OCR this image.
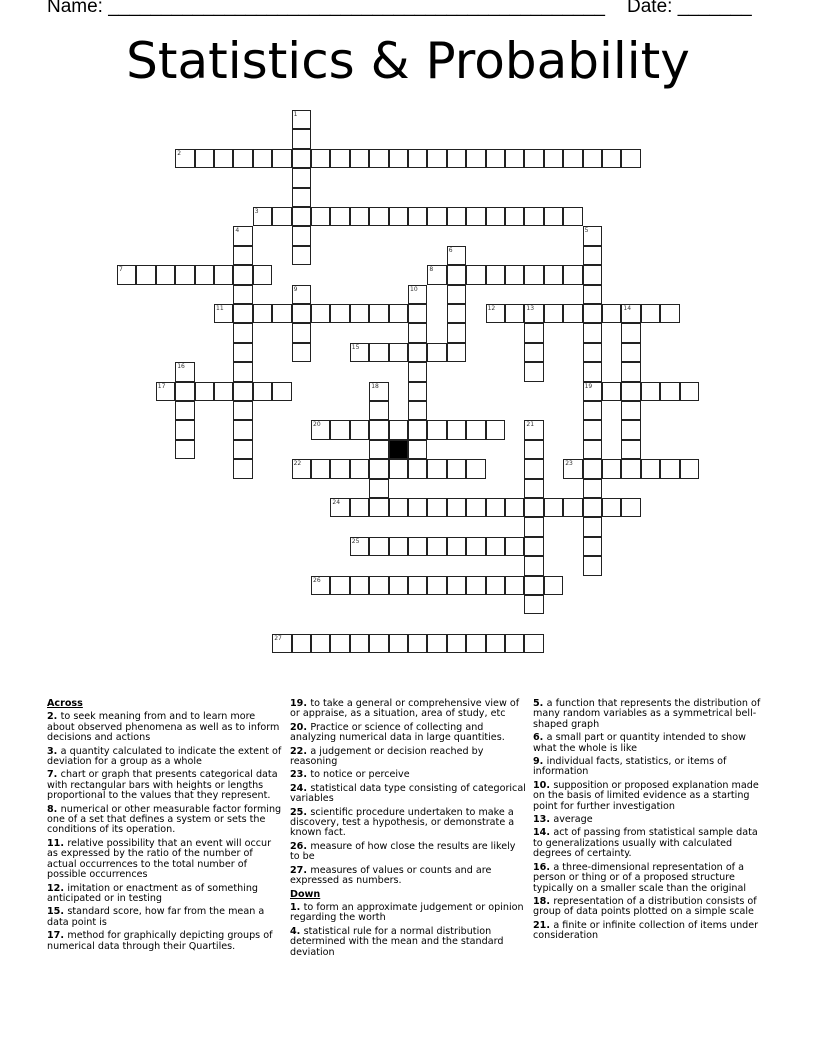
Name: _______________________________________________ Date: _______
Statistics & Probability
1
2
3
4	5
19
6
7	8
9	10
11	12	13	14
15
16
17	18
20	21
22	23
24
25
26
27
Across
2. to seek meaning from and to learn more about observed phenomena as well as to inform decisions and actions
3. a quantity calculated to indicate the extent of deviation for a group as a whole
7. chart or graph that presents categorical data with rectangular bars with heights or lengths proportional to the values that they represent.
8. numerical or other measurable factor forming one of a set that defines a system or sets the conditions of its operation.
11. relative possibility that an event will occur as expressed by the ratio of the number of actual occurrences to the total number of possible occurrences
12. imitation or enactment as of something anticipated or in testing
15. standard score, how far from the mean a data point is
17. method for graphically depicting groups of numerical data through their Quartiles.
19. to take a general or comprehensive view of or appraise, as a situation, area of study, etc
20. Practice or science of collecting and analyzing numerical data in large quantities.
22. a judgement or decision reached by reasoning
23. to notice or perceive
24. statistical data type consisting of categorical variables
25. scientific procedure undertaken to make a discovery, test a hypothesis, or demonstrate a known fact.
26. measure of how close the results are likely to be
27. measures of values or counts and are expressed as numbers.
Down
1. to form an approximate judgement or opinion regarding the worth
4. statistical rule for a normal distribution determined with the mean and the standard deviation
5. a function that represents the distribution of many random variables as a symmetrical bell-shaped graph
6. a small part or quantity intended to show what the whole is like
9. individual facts, statistics, or items of information
10. supposition or proposed explanation made on the basis of limited evidence as a starting point for further investigation
13. average
14. act of passing from statistical sample data to generalizations usually with calculated degrees of certainty.
16. a three-dimensional representation of a person or thing or of a proposed structure typically on a smaller scale than the original
18. representation of a distribution consists of group of data points plotted on a simple scale
21. a finite or infinite collection of items under consideration
